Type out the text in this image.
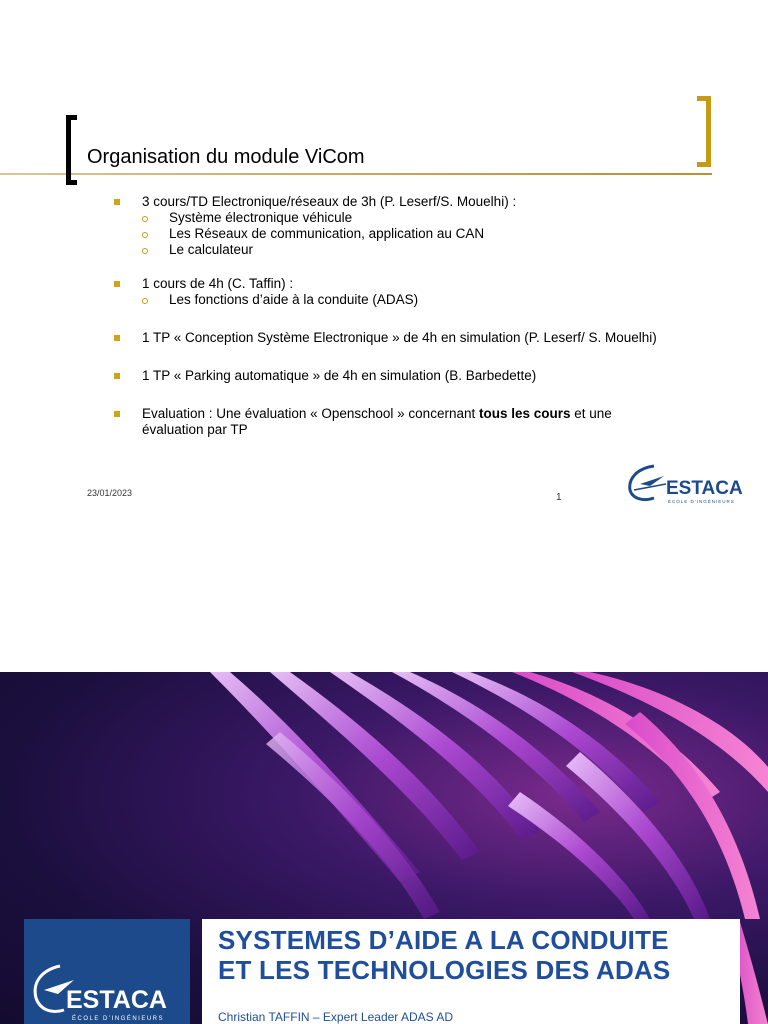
Organisation du module ViCom
3 cours/TD Electronique/réseaux de 3h (P. Leserf/S. Mouelhi) :
Système électronique véhicule
Les Réseaux de communication, application au CAN
Le calculateur
1 cours de 4h (C. Taffin) :
Les fonctions d’aide à la conduite (ADAS)
1 TP « Conception Système Electronique » de 4h en simulation (P. Leserf/ S. Mouelhi)
1 TP « Parking automatique » de 4h en simulation (B. Barbedette)
Evaluation : Une évaluation « Openschool » concernant tous les cours et une évaluation par TP
23/01/2023	1	ESTACA
ÉCOLE D’INGÉNIEURS
ESTACA
ÉCOLE D’INGÉNIEURS
SYSTEMES D’AIDE A LA CONDUITE
ET LES TECHNOLOGIES DES ADAS
Christian TAFFIN – Expert Leader ADAS AD
